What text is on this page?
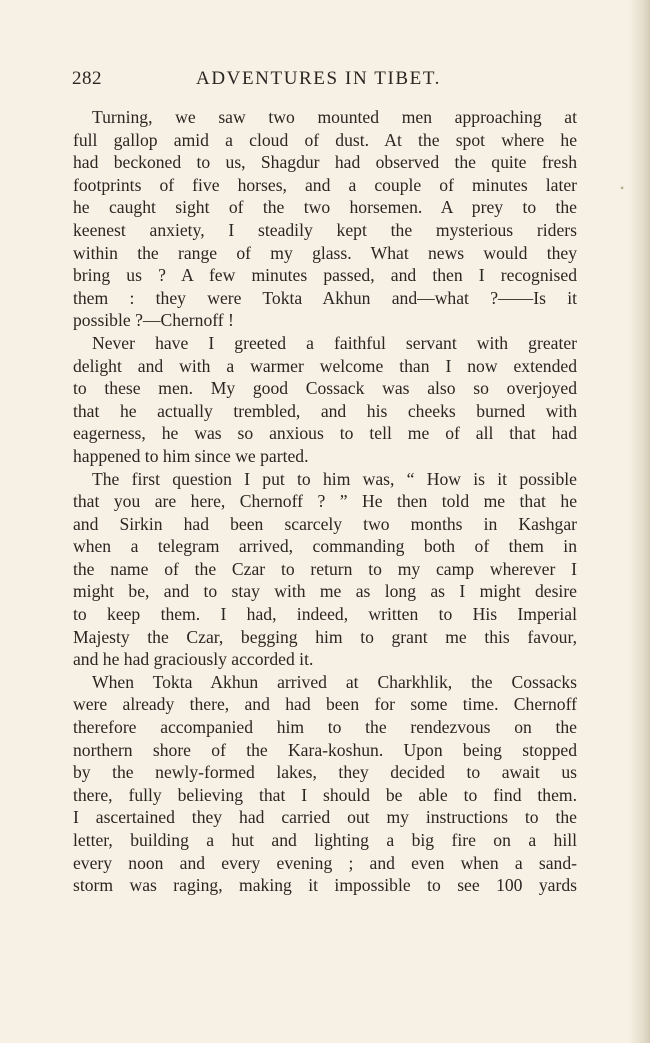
282	ADVENTURES IN TIBET.

Turning, we saw two mounted men approaching at
full gallop amid a cloud of dust. At the spot where he
had beckoned to us, Shagdur had observed the quite fresh
footprints of five horses, and a couple of minutes later
he caught sight of the two horsemen. A prey to the
keenest anxiety, I steadily kept the mysterious riders
within the range of my glass. What news would they
bring us ? A few minutes passed, and then I recognised
them : they were Tokta Akhun and—what ?——Is it
possible ?—Chernoff !

Never have I greeted a faithful servant with greater
delight and with a warmer welcome than I now extended
to these men. My good Cossack was also so overjoyed
that he actually trembled, and his cheeks burned with
eagerness, he was so anxious to tell me of all that had
happened to him since we parted.

The first question I put to him was, “ How is it possible
that you are here, Chernoff ? ” He then told me that he
and Sirkin had been scarcely two months in Kashgar
when a telegram arrived, commanding both of them in
the name of the Czar to return to my camp wherever I
might be, and to stay with me as long as I might desire
to keep them. I had, indeed, written to His Imperial
Majesty the Czar, begging him to grant me this favour,
and he had graciously accorded it.

When Tokta Akhun arrived at Charkhlik, the Cossacks
were already there, and had been for some time. Chernoff
therefore accompanied him to the rendezvous on the
northern shore of the Kara-koshun. Upon being stopped
by the newly-formed lakes, they decided to await us
there, fully believing that I should be able to find them.
I ascertained they had carried out my instructions to the
letter, building a hut and lighting a big fire on a hill
every noon and every evening ; and even when a sand-
storm was raging, making it impossible to see 100 yards

•
